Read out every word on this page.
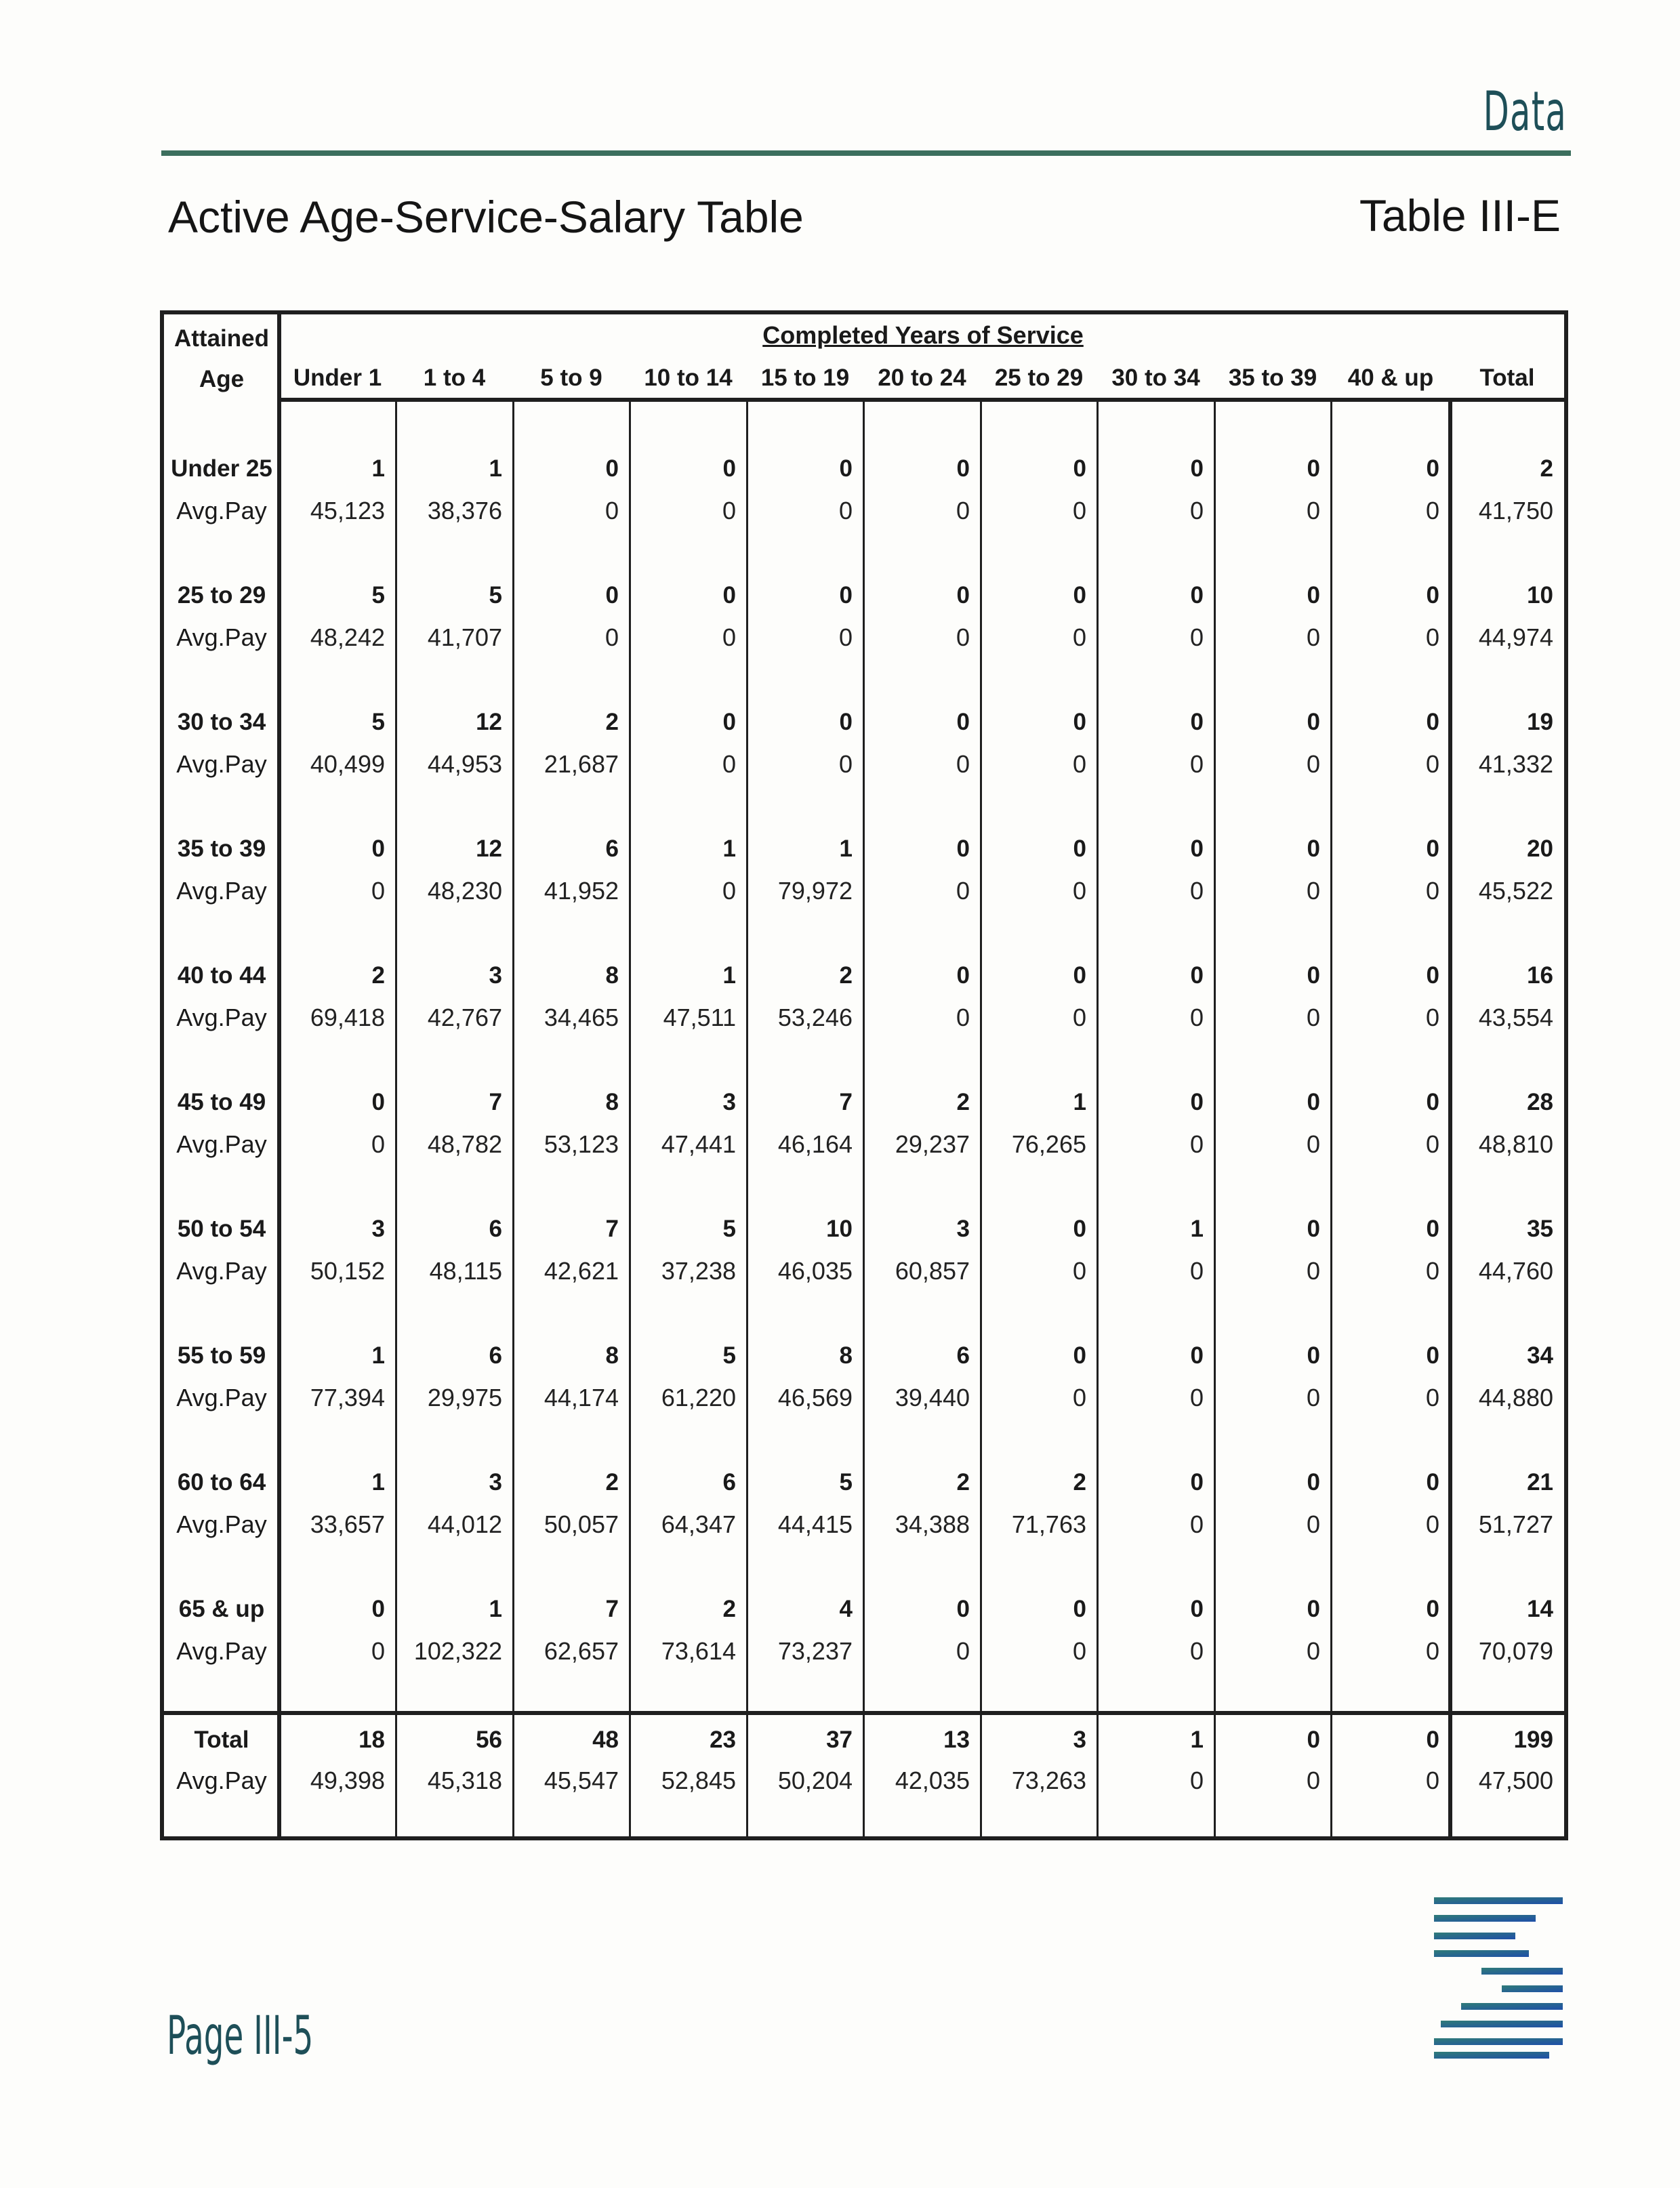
Data
Active Age-Service-Salary Table	Table III-E
Completed Years of Service
Attained
Age	Under 1	1 to 4	5 to 9	10 to 14	15 to 19	20 to 24	25 to 29	30 to 34	35 to 39	40 & up	Total
Under 25	1	1	0	0	0	0	0	0	0	0	2
Avg.Pay	45,123	38,376	0	0	0	0	0	0	0	0	41,750
25 to 29	5	5	0	0	0	0	0	0	0	0	10
Avg.Pay	48,242	41,707	0	0	0	0	0	0	0	0	44,974
30 to 34	5	12	2	0	0	0	0	0	0	0	19
Avg.Pay	40,499	44,953	21,687	0	0	0	0	0	0	0	41,332
35 to 39	0	12	6	1	1	0	0	0	0	0	20
Avg.Pay	0	48,230	41,952	0	79,972	0	0	0	0	0	45,522
40 to 44	2	3	8	1	2	0	0	0	0	0	16
Avg.Pay	69,418	42,767	34,465	47,511	53,246	0	0	0	0	0	43,554
45 to 49	0	7	8	3	7	2	1	0	0	0	28
Avg.Pay	0	48,782	53,123	47,441	46,164	29,237	76,265	0	0	0	48,810
50 to 54	3	6	7	5	10	3	0	1	0	0	35
Avg.Pay	50,152	48,115	42,621	37,238	46,035	60,857	0	0	0	0	44,760
55 to 59	1	6	8	5	8	6	0	0	0	0	34
Avg.Pay	77,394	29,975	44,174	61,220	46,569	39,440	0	0	0	0	44,880
60 to 64	1	3	2	6	5	2	2	0	0	0	21
Avg.Pay	33,657	44,012	50,057	64,347	44,415	34,388	71,763	0	0	0	51,727
65 & up	0	1	7	2	4	0	0	0	0	0	14
Avg.Pay	0	102,322	62,657	73,614	73,237	0	0	0	0	0	70,079
Total	18	56	48	23	37	13	3	1	0	0	199
Avg.Pay	49,398	45,318	45,547	52,845	50,204	42,035	73,263	0	0	0	47,500
Page III-5
